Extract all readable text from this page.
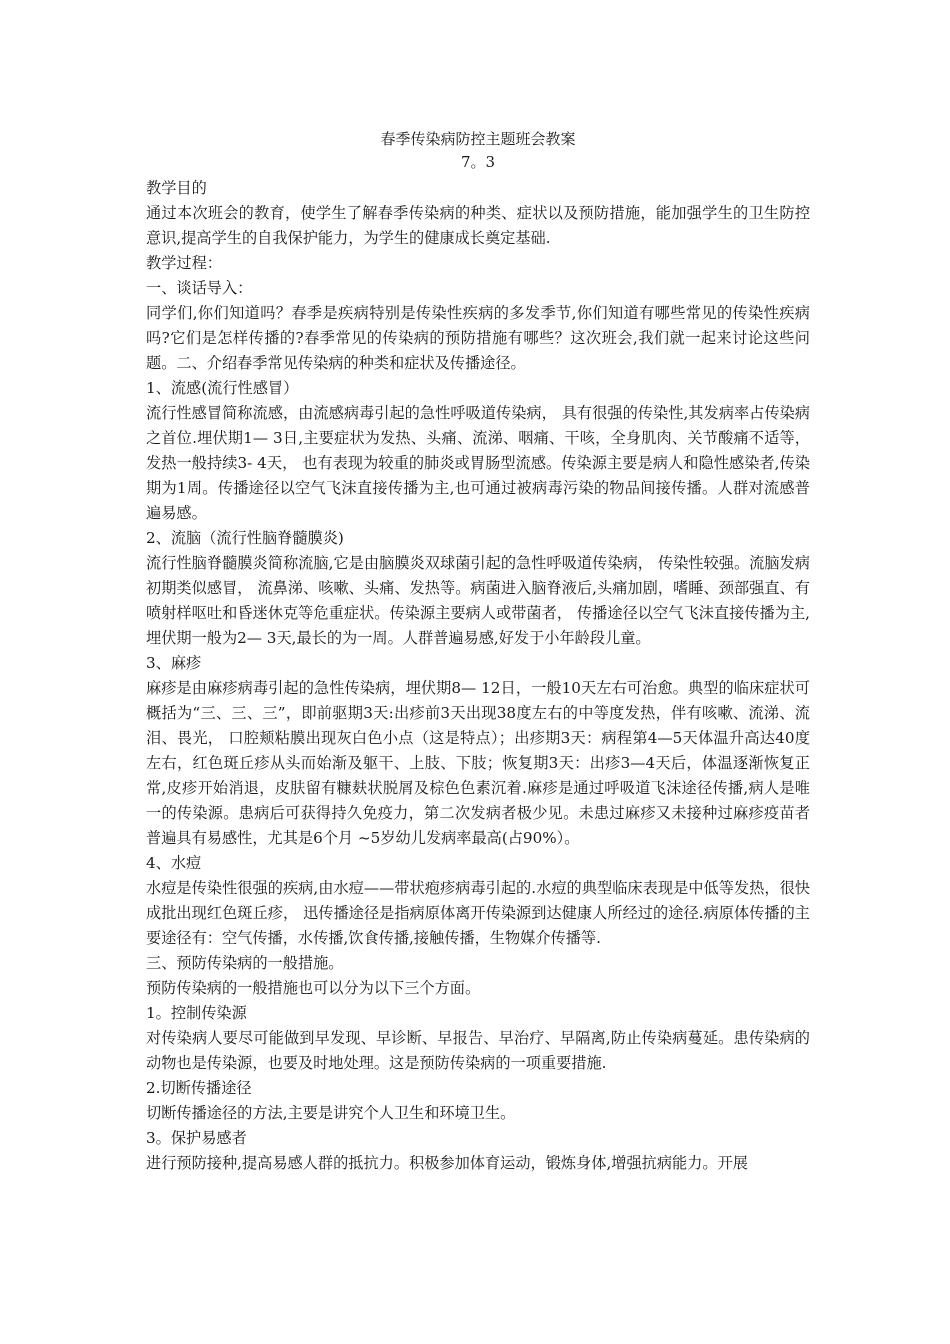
春季传染病防控主题班会教案

7。3

教学目的

通过本次班会的教育，使学生了解春季传染病的种类、症状以及预防措施，能加强学生的卫生防控意识,提高学生的自我保护能力，为学生的健康成长奠定基础.

教学过程：

一、谈话导入：

同学们,你们知道吗？春季是疾病特别是传染性疾病的多发季节,你们知道有哪些常见的传染性疾病吗?它们是怎样传播的?春季常见的传染病的预防措施有哪些？这次班会,我们就一起来讨论这些问题。二、介绍春季常见传染病的种类和症状及传播途径。

1、流感(流行性感冒）

流行性感冒简称流感，由流感病毒引起的急性呼吸道传染病， 具有很强的传染性,其发病率占传染病之首位.埋伏期1— 3日,主要症状为发热、头痛、流涕、咽痛、干咳，全身肌肉、关节酸痛不适等，发热一般持续3- 4天， 也有表现为较重的肺炎或胃肠型流感。传染源主要是病人和隐性感染者,传染期为1周。传播途径以空气飞沫直接传播为主,也可通过被病毒污染的物品间接传播。人群对流感普遍易感。

2、流脑（流行性脑脊髓膜炎)

流行性脑脊髓膜炎简称流脑,它是由脑膜炎双球菌引起的急性呼吸道传染病， 传染性较强。流脑发病初期类似感冒， 流鼻涕、咳嗽、头痛、发热等。病菌进入脑脊液后,头痛加剧，嗜睡、颈部强直、有喷射样呕吐和昏迷休克等危重症状。传染源主要病人或带菌者， 传播途径以空气飞沫直接传播为主,埋伏期一般为2— 3天,最长的为一周。人群普遍易感,好发于小年龄段儿童。

3、麻疹

麻疹是由麻疹病毒引起的急性传染病，埋伏期8— 12日，一般10天左右可治愈。典型的临床症状可概括为“三、三、三”，即前驱期3天:出疹前3天出现38度左右的中等度发热，伴有咳嗽、流涕、流泪、畏光， 口腔颊粘膜出现灰白色小点（这是特点）；出疹期3天：病程第4—5天体温升高达40度左右，红色斑丘疹从头而始渐及躯干、上肢、下肢；恢复期3天：出疹3—4天后，体温逐渐恢复正常,皮疹开始消退，皮肤留有糠麸状脱屑及棕色色素沉着.麻疹是通过呼吸道飞沫途径传播,病人是唯一的传染源。患病后可获得持久免疫力，第二次发病者极少见。未患过麻疹又未接种过麻疹疫苗者普遍具有易感性，尤其是6个月 ~5岁幼儿发病率最高(占90%）。

4、水痘

水痘是传染性很强的疾病,由水痘——带状疱疹病毒引起的.水痘的典型临床表现是中低等发热，很快成批出现红色斑丘疹， 迅传播途径是指病原体离开传染源到达健康人所经过的途径.病原体传播的主要途径有：空气传播，水传播,饮食传播,接触传播，生物媒介传播等.

三、预防传染病的一般措施。

预防传染病的一般措施也可以分为以下三个方面。

1。控制传染源

对传染病人要尽可能做到早发现、早诊断、早报告、早治疗、早隔离,防止传染病蔓延。患传染病的动物也是传染源，也要及时地处理。这是预防传染病的一项重要措施.

2.切断传播途径

切断传播途径的方法,主要是讲究个人卫生和环境卫生。

3。保护易感者

进行预防接种,提高易感人群的抵抗力。积极参加体育运动，锻炼身体,增强抗病能力。开展
